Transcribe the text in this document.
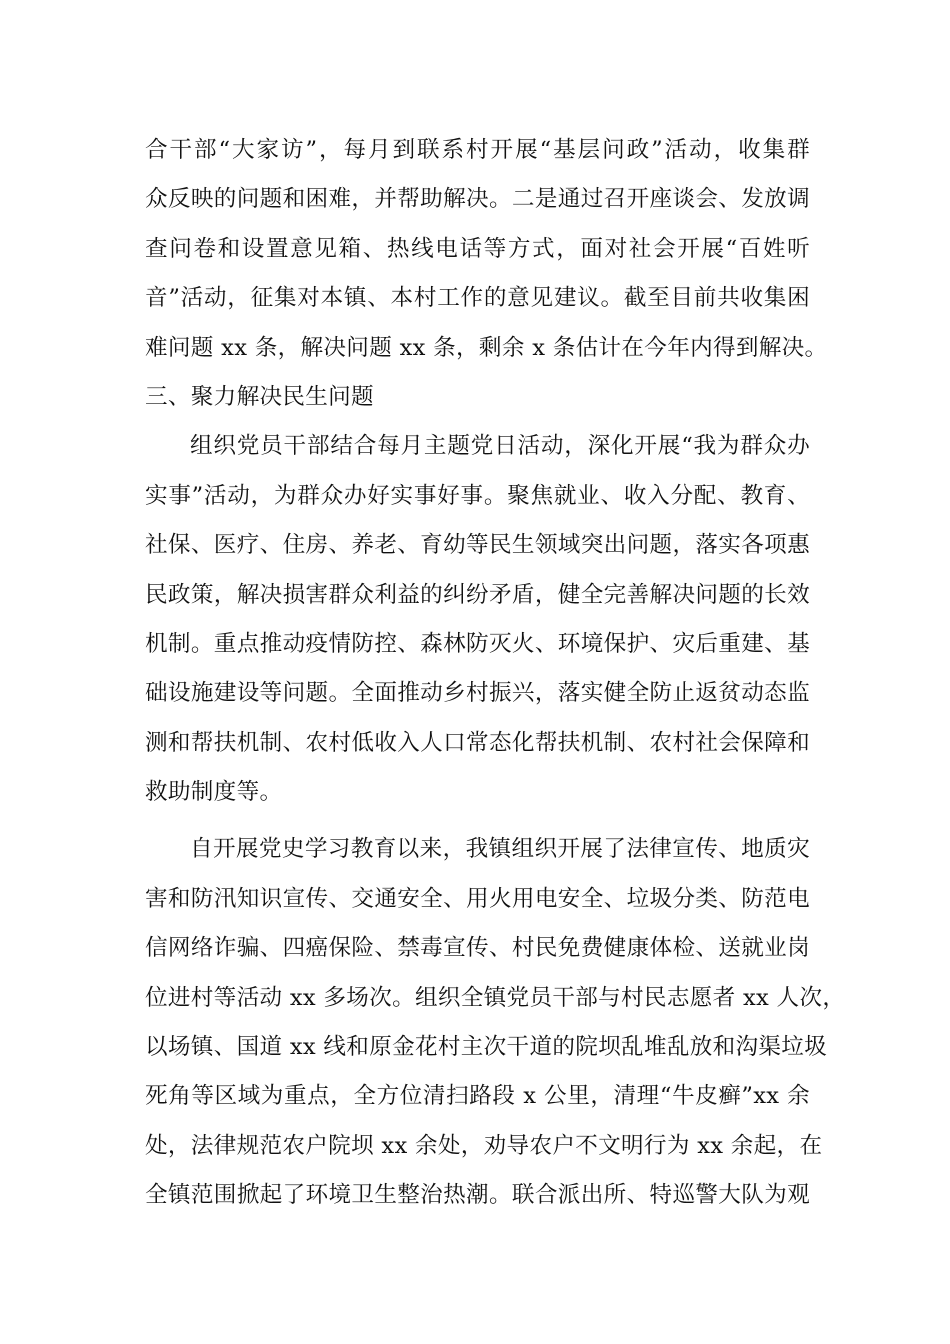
合干部“大家访”，每月到联系村开展“基层问政”活动，收集群
众反映的问题和困难，并帮助解决。二是通过召开座谈会、发放调
查问卷和设置意见箱、热线电话等方式，面对社会开展“百姓听
音”活动，征集对本镇、本村工作的意见建议。截至目前共收集困
难问题 xx 条，解决问题 xx 条，剩余 x 条估计在今年内得到解决。
三、聚力解决民生问题
组织党员干部结合每月主题党日活动，深化开展“我为群众办
实事”活动，为群众办好实事好事。聚焦就业、收入分配、教育、
社保、医疗、住房、养老、育幼等民生领域突出问题，落实各项惠
民政策，解决损害群众利益的纠纷矛盾，健全完善解决问题的长效
机制。重点推动疫情防控、森林防灭火、环境保护、灾后重建、基
础设施建设等问题。全面推动乡村振兴，落实健全防止返贫动态监
测和帮扶机制、农村低收入人口常态化帮扶机制、农村社会保障和
救助制度等。
自开展党史学习教育以来，我镇组织开展了法律宣传、地质灾
害和防汛知识宣传、交通安全、用火用电安全、垃圾分类、防范电
信网络诈骗、四癌保险、禁毒宣传、村民免费健康体检、送就业岗
位进村等活动 xx 多场次。组织全镇党员干部与村民志愿者 xx 人次，
以场镇、国道 xx 线和原金花村主次干道的院坝乱堆乱放和沟渠垃圾
死角等区域为重点，全方位清扫路段 x 公里，清理“牛皮癣”xx 余
处，法律规范农户院坝 xx 余处，劝导农户不文明行为 xx 余起，在
全镇范围掀起了环境卫生整治热潮。联合派出所、特巡警大队为观
